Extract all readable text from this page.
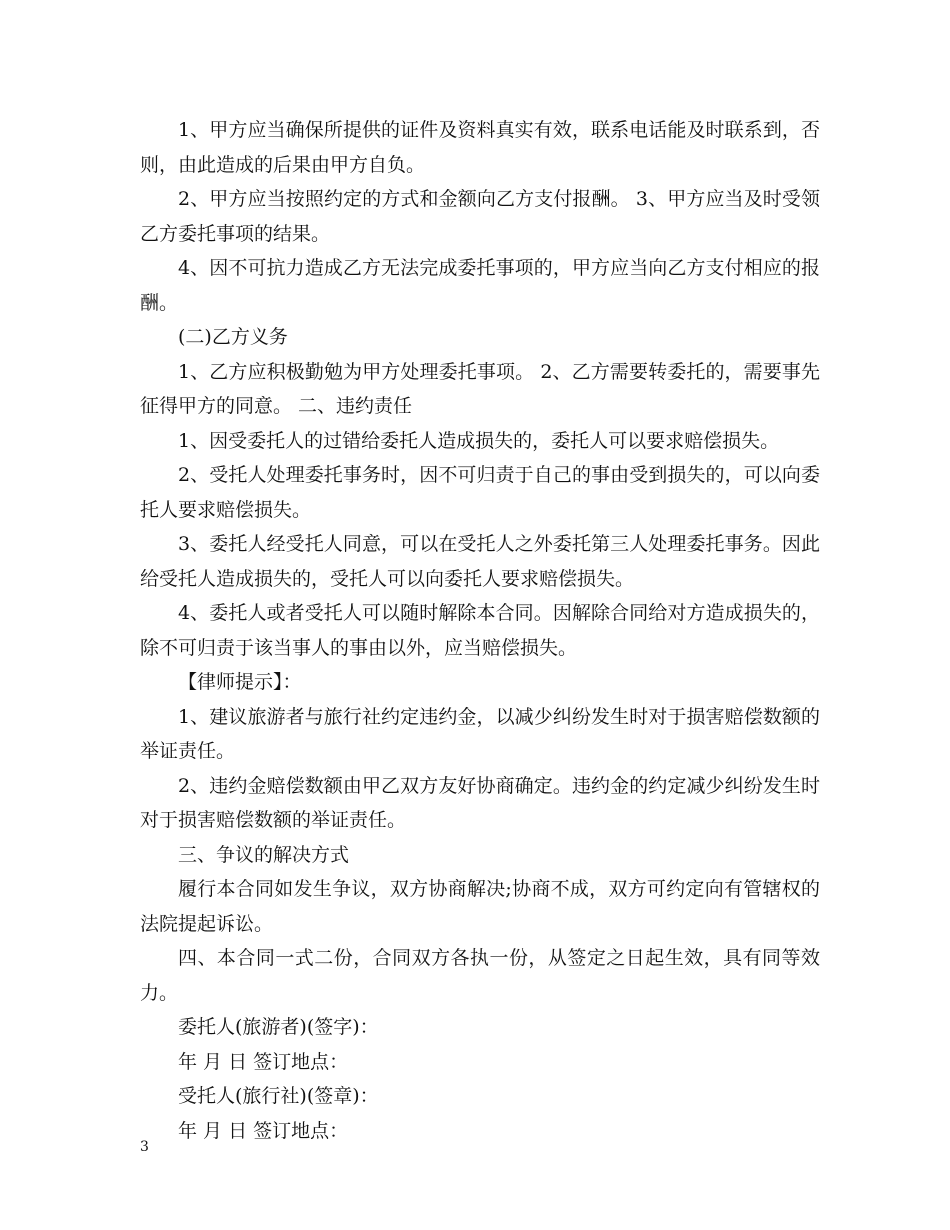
1、甲方应当确保所提供的证件及资料真实有效，联系电话能及时联系到，否则，由此造成的后果由甲方自负。

2、甲方应当按照约定的方式和金额向乙方支付报酬。 3、甲方应当及时受领乙方委托事项的结果。

4、因不可抗力造成乙方无法完成委托事项的，甲方应当向乙方支付相应的报酬。

(二)乙方义务

1、乙方应积极勤勉为甲方处理委托事项。 2、乙方需要转委托的，需要事先征得甲方的同意。 二、违约责任

1、因受委托人的过错给委托人造成损失的，委托人可以要求赔偿损失。

2、受托人处理委托事务时，因不可归责于自己的事由受到损失的，可以向委托人要求赔偿损失。

3、委托人经受托人同意，可以在受托人之外委托第三人处理委托事务。因此给受托人造成损失的，受托人可以向委托人要求赔偿损失。

4、委托人或者受托人可以随时解除本合同。因解除合同给对方造成损失的，除不可归责于该当事人的事由以外，应当赔偿损失。

【律师提示】：

1、建议旅游者与旅行社约定违约金，以减少纠纷发生时对于损害赔偿数额的举证责任。

2、违约金赔偿数额由甲乙双方友好协商确定。违约金的约定减少纠纷发生时对于损害赔偿数额的举证责任。

三、争议的解决方式

履行本合同如发生争议，双方协商解决;协商不成，双方可约定向有管辖权的法院提起诉讼。

四、本合同一式二份，合同双方各执一份，从签定之日起生效，具有同等效力。

委托人(旅游者)(签字)：

年 月 日 签订地点：

受托人(旅行社)(签章)：

年 月 日 签订地点：

3
